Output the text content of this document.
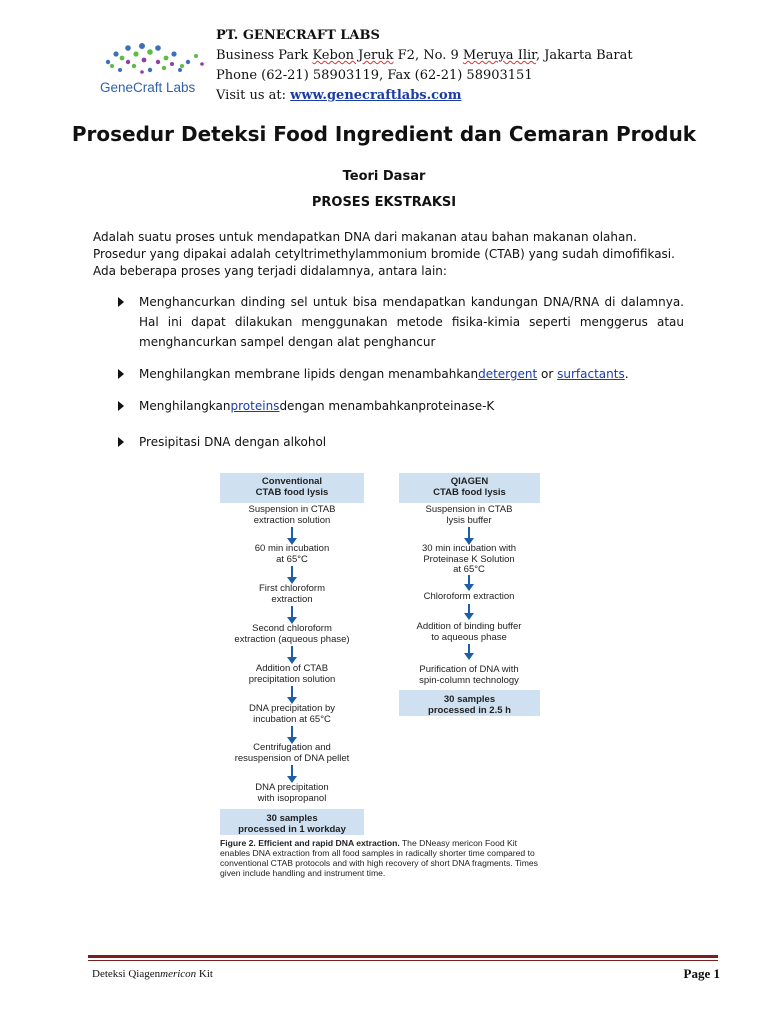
GeneCraft Labs
PT. GENECRAFT LABS
Business Park Kebon Jeruk F2, No. 9 Meruya Ilir, Jakarta Barat
Phone (62-21) 58903119, Fax (62-21) 58903151
Visit us at: www.genecraftlabs.com
Prosedur Deteksi Food Ingredient dan Cemaran Produk
Teori Dasar
PROSES EKSTRAKSI
Adalah suatu proses untuk mendapatkan DNA dari makanan atau bahan makanan olahan. Prosedur yang dipakai adalah cetyltrimethylammonium bromide (CTAB) yang sudah dimofifikasi. Ada beberapa proses yang terjadi didalamnya, antara lain:
Menghancurkan dinding sel untuk bisa mendapatkan kandungan DNA/RNA di dalamnya. Hal ini dapat dilakukan menggunakan metode fisika-kimia seperti menggerus atau menghancurkan sampel dengan alat penghancur
Menghilangkan membrane lipids dengan menambahkandetergent or surfactants.
Menghilangkanproteinsdengan menambahkanproteinase-K
Presipitasi DNA dengan alkohol
Conventional
CTAB food lysis
Suspension in CTAB
extraction solution
60 min incubation
at 65°C
First chloroform
extraction
Second chloroform
extraction (aqueous phase)
Addition of CTAB
precipitation solution
DNA precipitation by
incubation at 65°C
Centrifugation and
resuspension of DNA pellet
DNA precipitation
with isopropanol
30 samples
processed in 1 workday
QIAGEN
CTAB food lysis
Suspension in CTAB
lysis buffer
30 min incubation with
Proteinase K Solution
at 65°C
Chloroform extraction
Addition of binding buffer
to aqueous phase
Purification of DNA with
spin-column technology
30 samples
processed in 2.5 h
Figure 2. Efficient and rapid DNA extraction. The DNeasy mericon Food Kit enables DNA extraction from all food samples in radically shorter time compared to conventional CTAB protocols and with high recovery of short DNA fragments. Times given include handling and instrument time.
Deteksi Qiagenmericon Kit	Page 1
